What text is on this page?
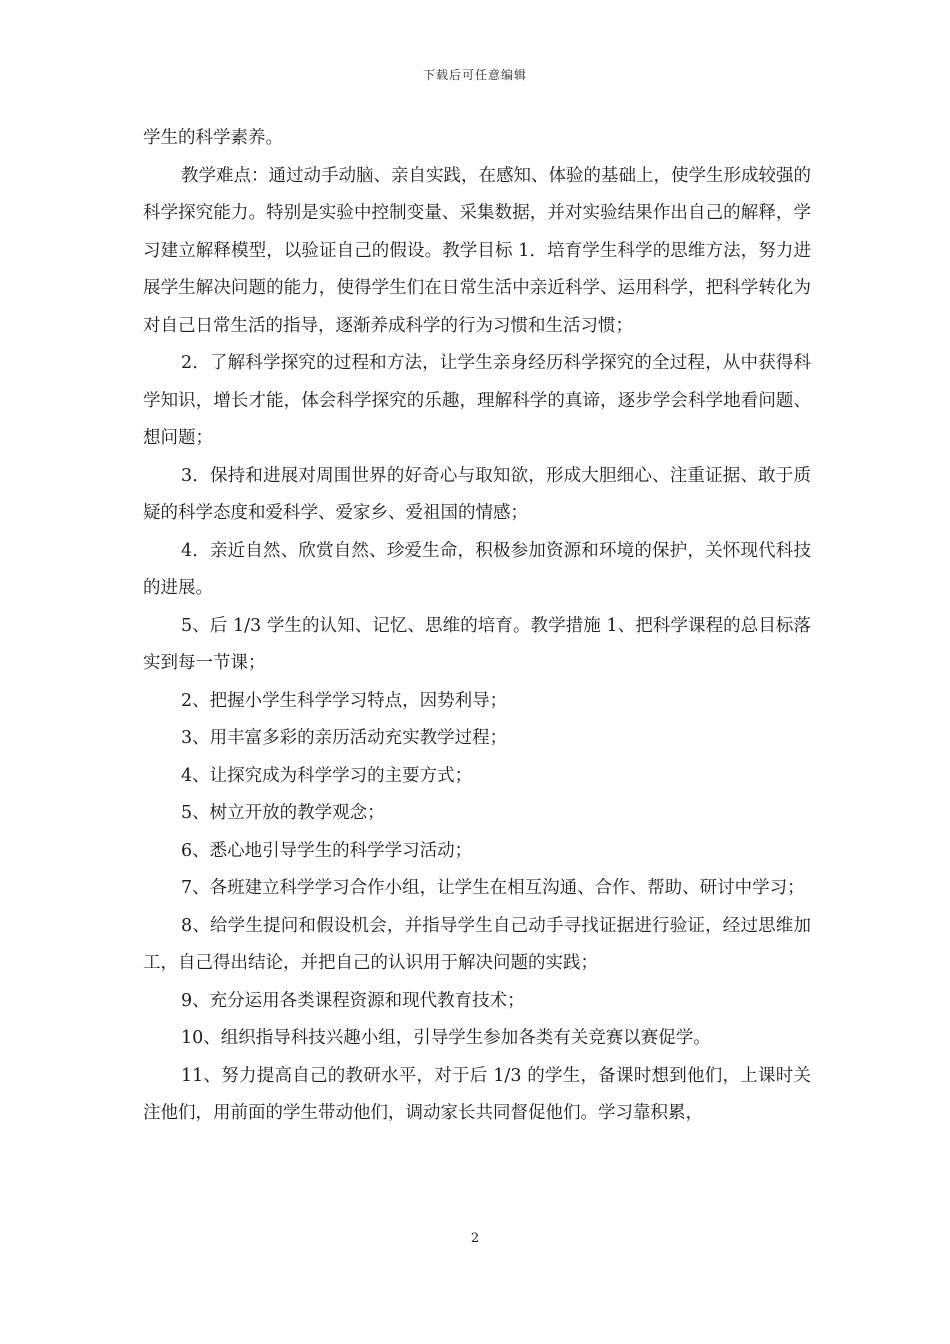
下载后可任意编辑

学生的科学素养。

教学难点：通过动手动脑、亲自实践，在感知、体验的基础上，使学生形成较强的科学探究能力。特别是实验中控制变量、采集数据，并对实验结果作出自己的解释，学习建立解释模型，以验证自己的假设。教学目标 1．培育学生科学的思维方法，努力进展学生解决问题的能力，使得学生们在日常生活中亲近科学、运用科学，把科学转化为对自己日常生活的指导，逐渐养成科学的行为习惯和生活习惯；

2．了解科学探究的过程和方法，让学生亲身经历科学探究的全过程，从中获得科学知识，增长才能，体会科学探究的乐趣，理解科学的真谛，逐步学会科学地看问题、想问题；

3．保持和进展对周围世界的好奇心与取知欲，形成大胆细心、注重证据、敢于质疑的科学态度和爱科学、爱家乡、爱祖国的情感；

4．亲近自然、欣赏自然、珍爱生命，积极参加资源和环境的保护，关怀现代科技的进展。

5、后 1/3 学生的认知、记忆、思维的培育。教学措施 1、把科学课程的总目标落实到每一节课；

2、把握小学生科学学习特点，因势利导；

3、用丰富多彩的亲历活动充实教学过程；

4、让探究成为科学学习的主要方式；

5、树立开放的教学观念；

6、悉心地引导学生的科学学习活动；

7、各班建立科学学习合作小组，让学生在相互沟通、合作、帮助、研讨中学习；

8、给学生提问和假设机会，并指导学生自己动手寻找证据进行验证，经过思维加工，自己得出结论，并把自己的认识用于解决问题的实践；

9、充分运用各类课程资源和现代教育技术；

10、组织指导科技兴趣小组，引导学生参加各类有关竞赛以赛促学。

11、努力提高自己的教研水平，对于后 1/3 的学生，备课时想到他们，上课时关注他们，用前面的学生带动他们，调动家长共同督促他们。学习靠积累，

2
